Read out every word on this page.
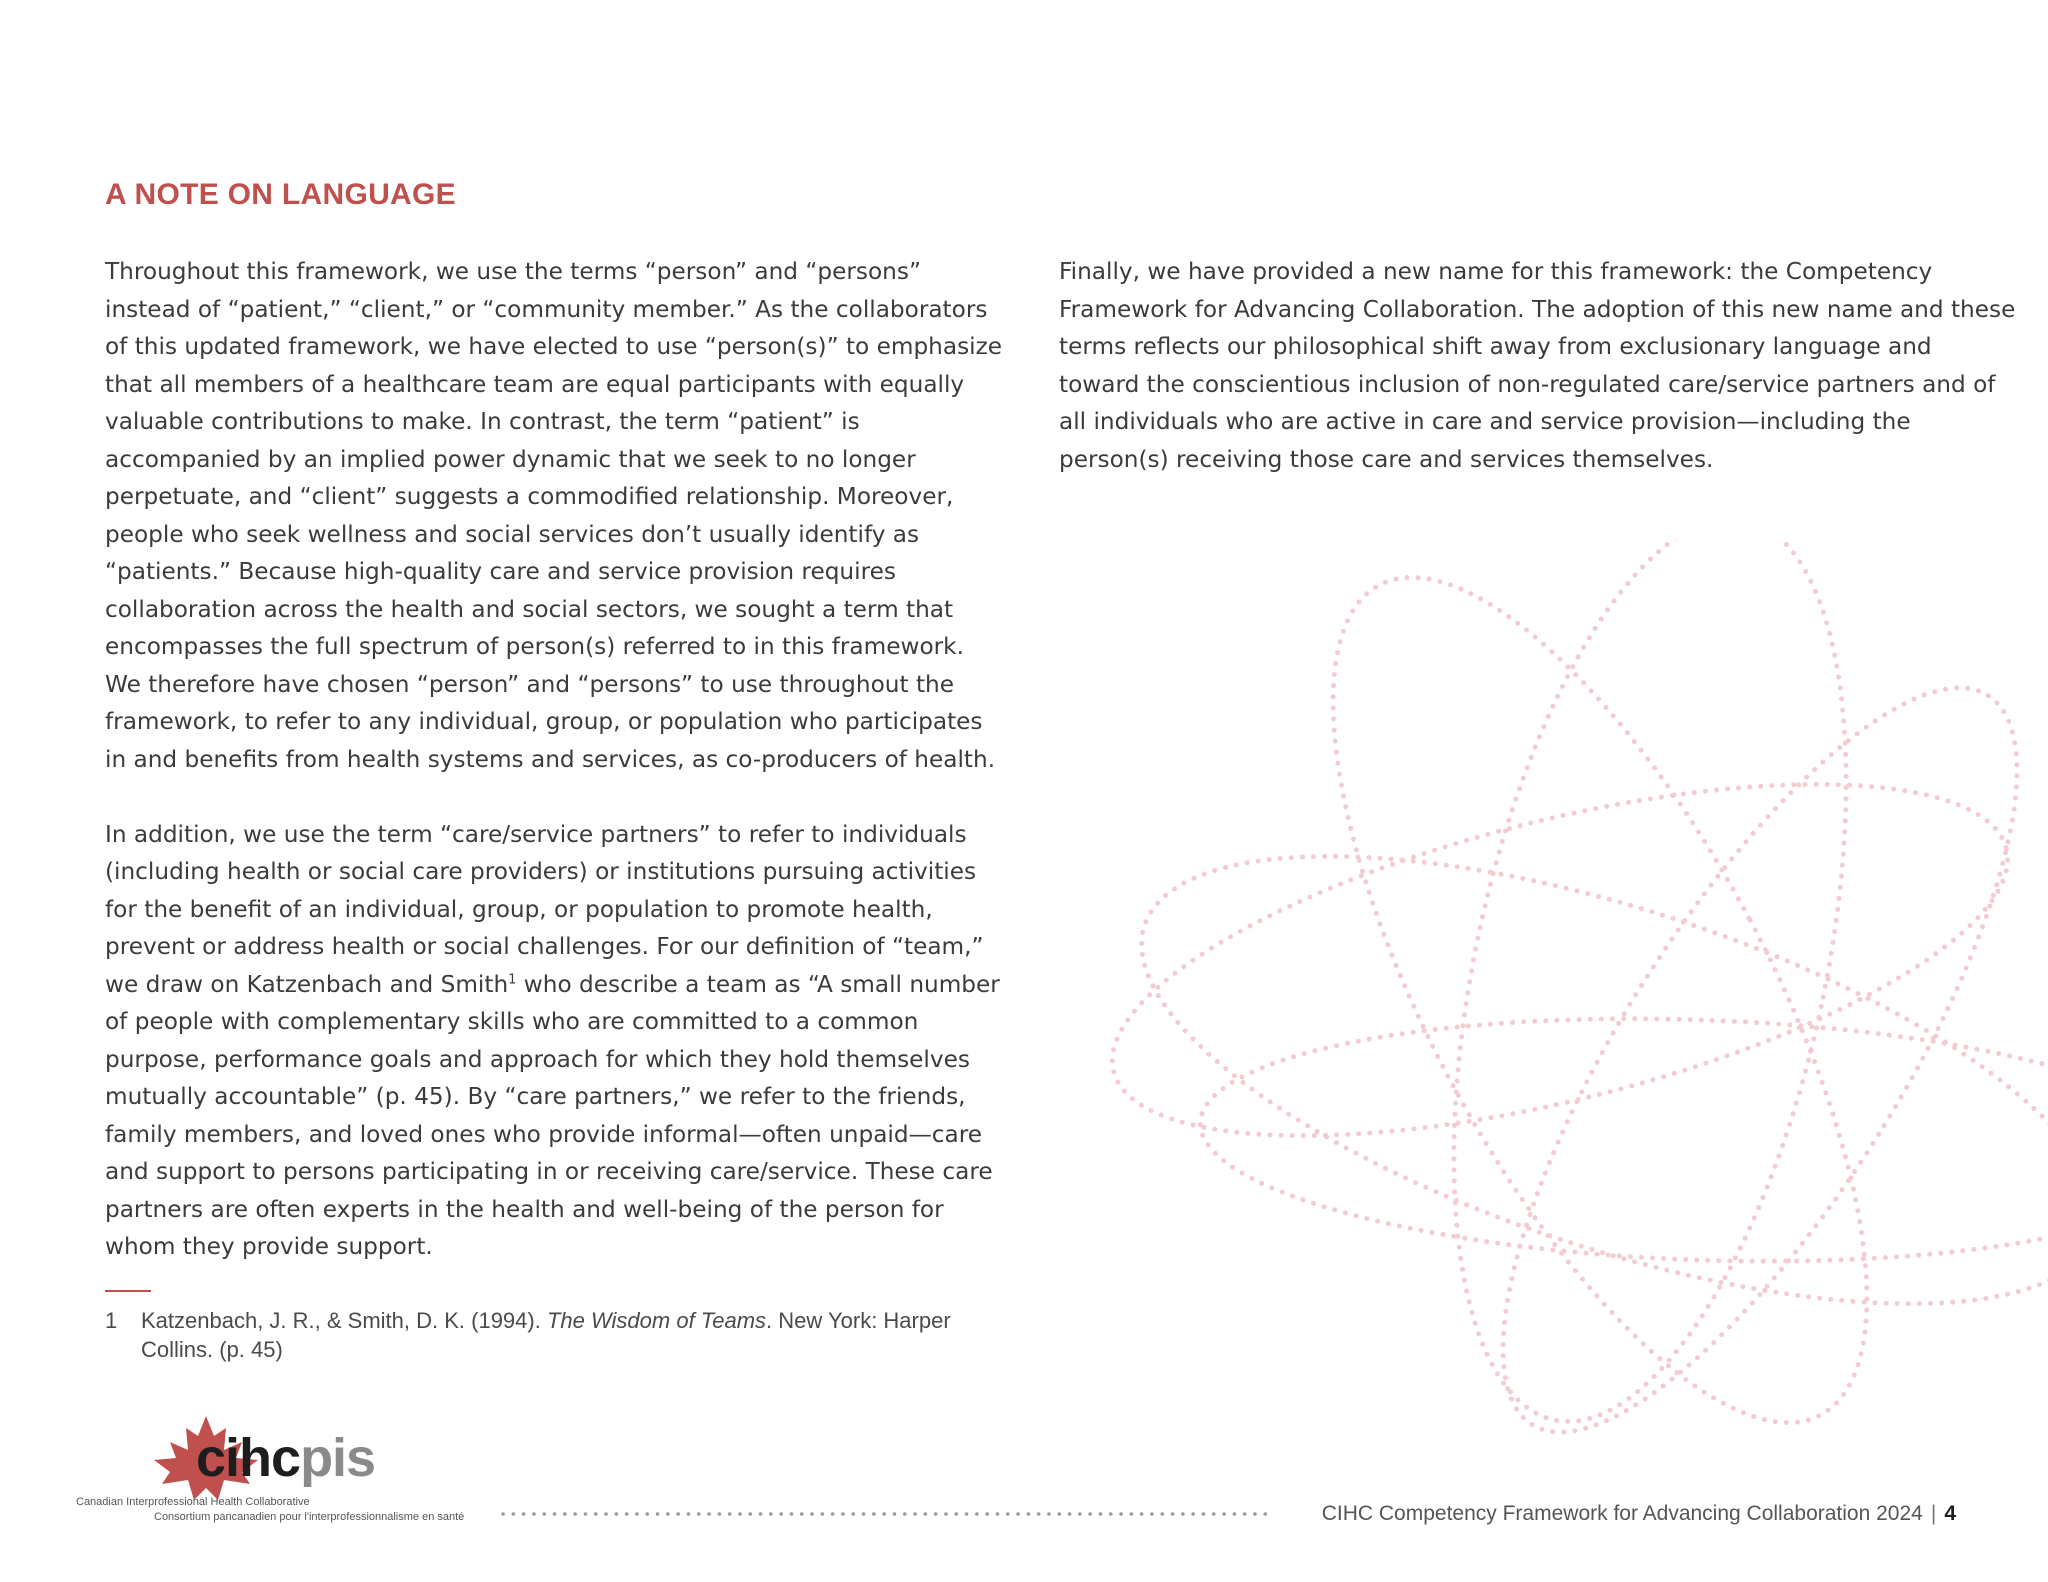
A NOTE ON LANGUAGE

Throughout this framework, we use the terms “person” and “persons” instead of “patient,” “client,” or “community member.” As the collaborators of this updated framework, we have elected to use “person(s)” to emphasize that all members of a healthcare team are equal participants with equally valuable contributions to make. In contrast, the term “patient” is accompanied by an implied power dynamic that we seek to no longer perpetuate, and “client” suggests a commodified relationship. Moreover, people who seek wellness and social services don’t usually identify as “patients.” Because high-quality care and service provision requires collaboration across the health and social sectors, we sought a term that encompasses the full spectrum of person(s) referred to in this framework. We therefore have chosen “person” and “persons” to use throughout the framework, to refer to any individual, group, or population who participates in and benefits from health systems and services, as co-producers of health.

In addition, we use the term “care/service partners” to refer to individuals (including health or social care providers) or institutions pursuing activities for the benefit of an individual, group, or population to promote health, prevent or address health or social challenges. For our definition of “team,” we draw on Katzenbach and Smith$^1$ who describe a team as “A small number of people with complementary skills who are committed to a common purpose, performance goals and approach for which they hold themselves mutually accountable” (p. 45). By “care partners,” we refer to the friends, family members, and loved ones who provide informal—often unpaid—care and support to persons participating in or receiving care/service. These care partners are often experts in the health and well-being of the person for whom they provide support.

Finally, we have provided a new name for this framework: the Competency Framework for Advancing Collaboration. The adoption of this new name and these terms reflects our philosophical shift away from exclusionary language and toward the conscientious inclusion of non-regulated care/service partners and of all individuals who are active in care and service provision—including the person(s) receiving those care and services themselves.

1 Katzenbach, J. R., & Smith, D. K. (1994). The Wisdom of Teams. New York: Harper Collins. (p. 45)
cihcpis
Canadian Interprofessional Health Collaborative
Consortium pancanadien pour l'interprofessionnalisme en santé	CIHC Competency Framework for Advancing Collaboration 2024 | 4
